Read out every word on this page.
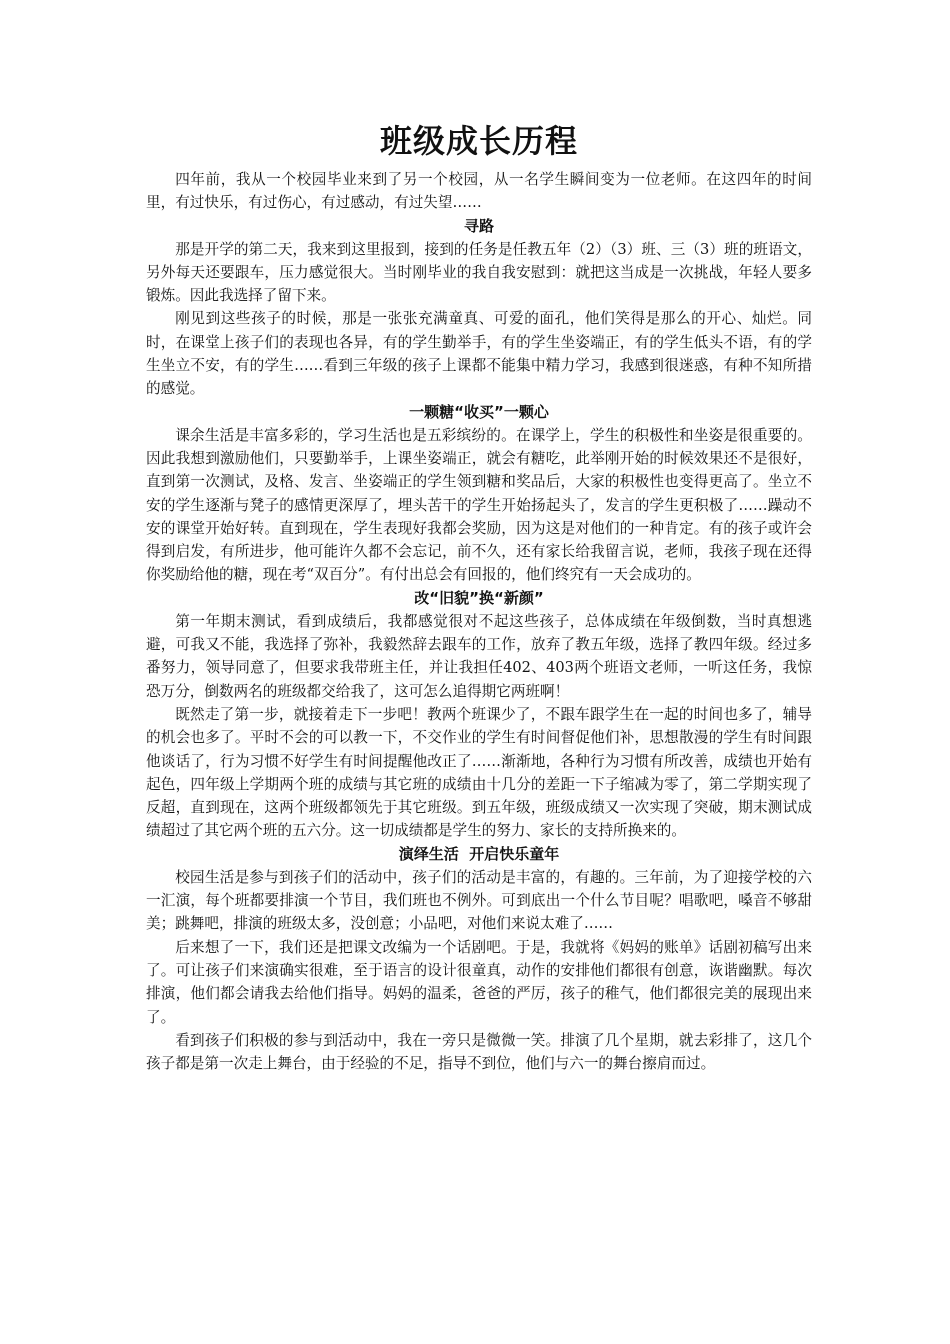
班级成长历程

四年前，我从一个校园毕业来到了另一个校园，从一名学生瞬间变为一位老师。在这四年的时间里，有过快乐，有过伤心，有过感动，有过失望……

寻路

那是开学的第二天，我来到这里报到，接到的任务是任教五年（2）（3）班、三（3）班的班语文，另外每天还要跟车，压力感觉很大。当时刚毕业的我自我安慰到：就把这当成是一次挑战，年轻人要多锻炼。因此我选择了留下来。

刚见到这些孩子的时候，那是一张张充满童真、可爱的面孔，他们笑得是那么的开心、灿烂。同时，在课堂上孩子们的表现也各异，有的学生勤举手，有的学生坐姿端正，有的学生低头不语，有的学生坐立不安，有的学生……看到三年级的孩子上课都不能集中精力学习，我感到很迷惑，有种不知所措的感觉。

一颗糖“收买”一颗心

课余生活是丰富多彩的，学习生活也是五彩缤纷的。在课学上，学生的积极性和坐姿是很重要的。因此我想到激励他们，只要勤举手，上课坐姿端正，就会有糖吃，此举刚开始的时候效果还不是很好，直到第一次测试，及格、发言、坐姿端正的学生领到糖和奖品后，大家的积极性也变得更高了。坐立不安的学生逐渐与凳子的感情更深厚了，埋头苦干的学生开始扬起头了，发言的学生更积极了……躁动不安的课堂开始好转。直到现在，学生表现好我都会奖励，因为这是对他们的一种肯定。有的孩子或许会得到启发，有所进步，他可能许久都不会忘记，前不久，还有家长给我留言说，老师，我孩子现在还得你奖励给他的糖，现在考“双百分”。有付出总会有回报的，他们终究有一天会成功的。

改“旧貌”换“新颜”

第一年期末测试，看到成绩后，我都感觉很对不起这些孩子，总体成绩在年级倒数，当时真想逃避，可我又不能，我选择了弥补，我毅然辞去跟车的工作，放弃了教五年级，选择了教四年级。经过多番努力，领导同意了，但要求我带班主任，并让我担任402、403两个班语文老师，一听这任务，我惊恐万分，倒数两名的班级都交给我了，这可怎么追得期它两班啊！

既然走了第一步，就接着走下一步吧！教两个班课少了，不跟车跟学生在一起的时间也多了，辅导的机会也多了。平时不会的可以教一下，不交作业的学生有时间督促他们补，思想散漫的学生有时间跟他谈话了，行为习惯不好学生有时间提醒他改正了……渐渐地，各种行为习惯有所改善，成绩也开始有起色，四年级上学期两个班的成绩与其它班的成绩由十几分的差距一下子缩减为零了，第二学期实现了反超，直到现在，这两个班级都领先于其它班级。到五年级，班级成绩又一次实现了突破，期末测试成绩超过了其它两个班的五六分。这一切成绩都是学生的努力、家长的支持所换来的。

演绎生活  开启快乐童年

校园生活是参与到孩子们的活动中，孩子们的活动是丰富的，有趣的。三年前，为了迎接学校的六一汇演，每个班都要排演一个节目，我们班也不例外。可到底出一个什么节目呢？唱歌吧，嗓音不够甜美；跳舞吧，排演的班级太多，没创意；小品吧，对他们来说太难了……

后来想了一下，我们还是把课文改编为一个话剧吧。于是，我就将《妈妈的账单》话剧初稿写出来了。可让孩子们来演确实很难，至于语言的设计很童真，动作的安排他们都很有创意，诙谐幽默。每次排演，他们都会请我去给他们指导。妈妈的温柔，爸爸的严厉，孩子的稚气，他们都很完美的展现出来了。

看到孩子们积极的参与到活动中，我在一旁只是微微一笑。排演了几个星期，就去彩排了，这几个孩子都是第一次走上舞台，由于经验的不足，指导不到位，他们与六一的舞台擦肩而过。
